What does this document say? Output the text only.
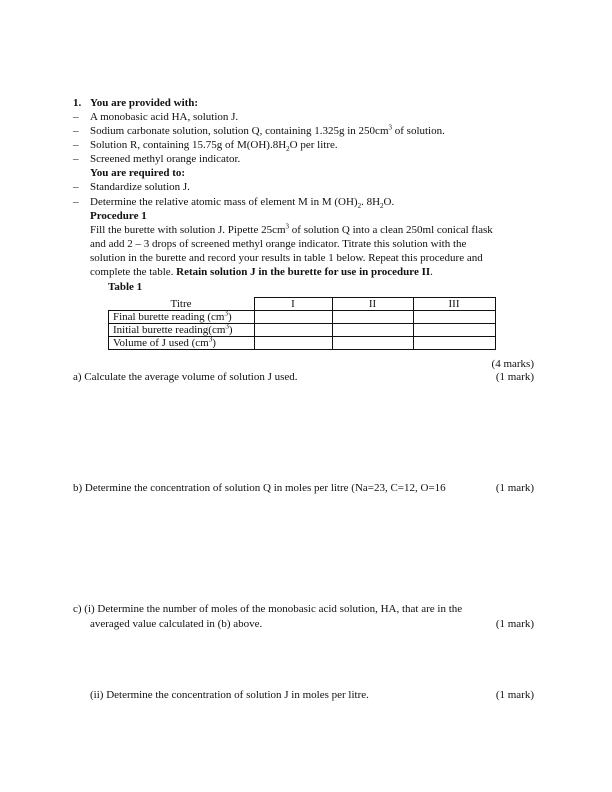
1. You are provided with:
– A monobasic acid HA, solution J.
– Sodium carbonate solution, solution Q, containing 1.325g in $250cm^3$ of solution.
– Solution R, containing 15.75g of $M(OH).8H_2O$ per litre.
– Screened methyl orange indicator.
You are required to:
– Standardize solution J.
– Determine the relative atomic mass of element M in M $(OH)_2$. $8H_2O$.
Procedure 1
Fill the burette with solution J. Pipette $25cm^3$ of solution Q into a clean 250ml conical flask
and add 2 – 3 drops of screened methyl orange indicator. Titrate this solution with the
solution in the burette and record your results in table 1 below. Repeat this procedure and
complete the table. Retain solution J in the burette for use in procedure II.
Table 1
Titre	I	II	III
Final burette reading $(cm^3)$			
Initial burette $reading(cm^3)$			
Volume of J used $(cm^3)$			
(4 marks)
a) Calculate the average volume of solution J used.	(1 mark)
b) Determine the concentration of solution Q in moles per litre (Na=23, C=12, O=16	(1 mark)
c) (i) Determine the number of moles of the monobasic acid solution, HA, that are in the
averaged value calculated in (b) above.	(1 mark)
(ii) Determine the concentration of solution J in moles per litre.	(1 mark)
